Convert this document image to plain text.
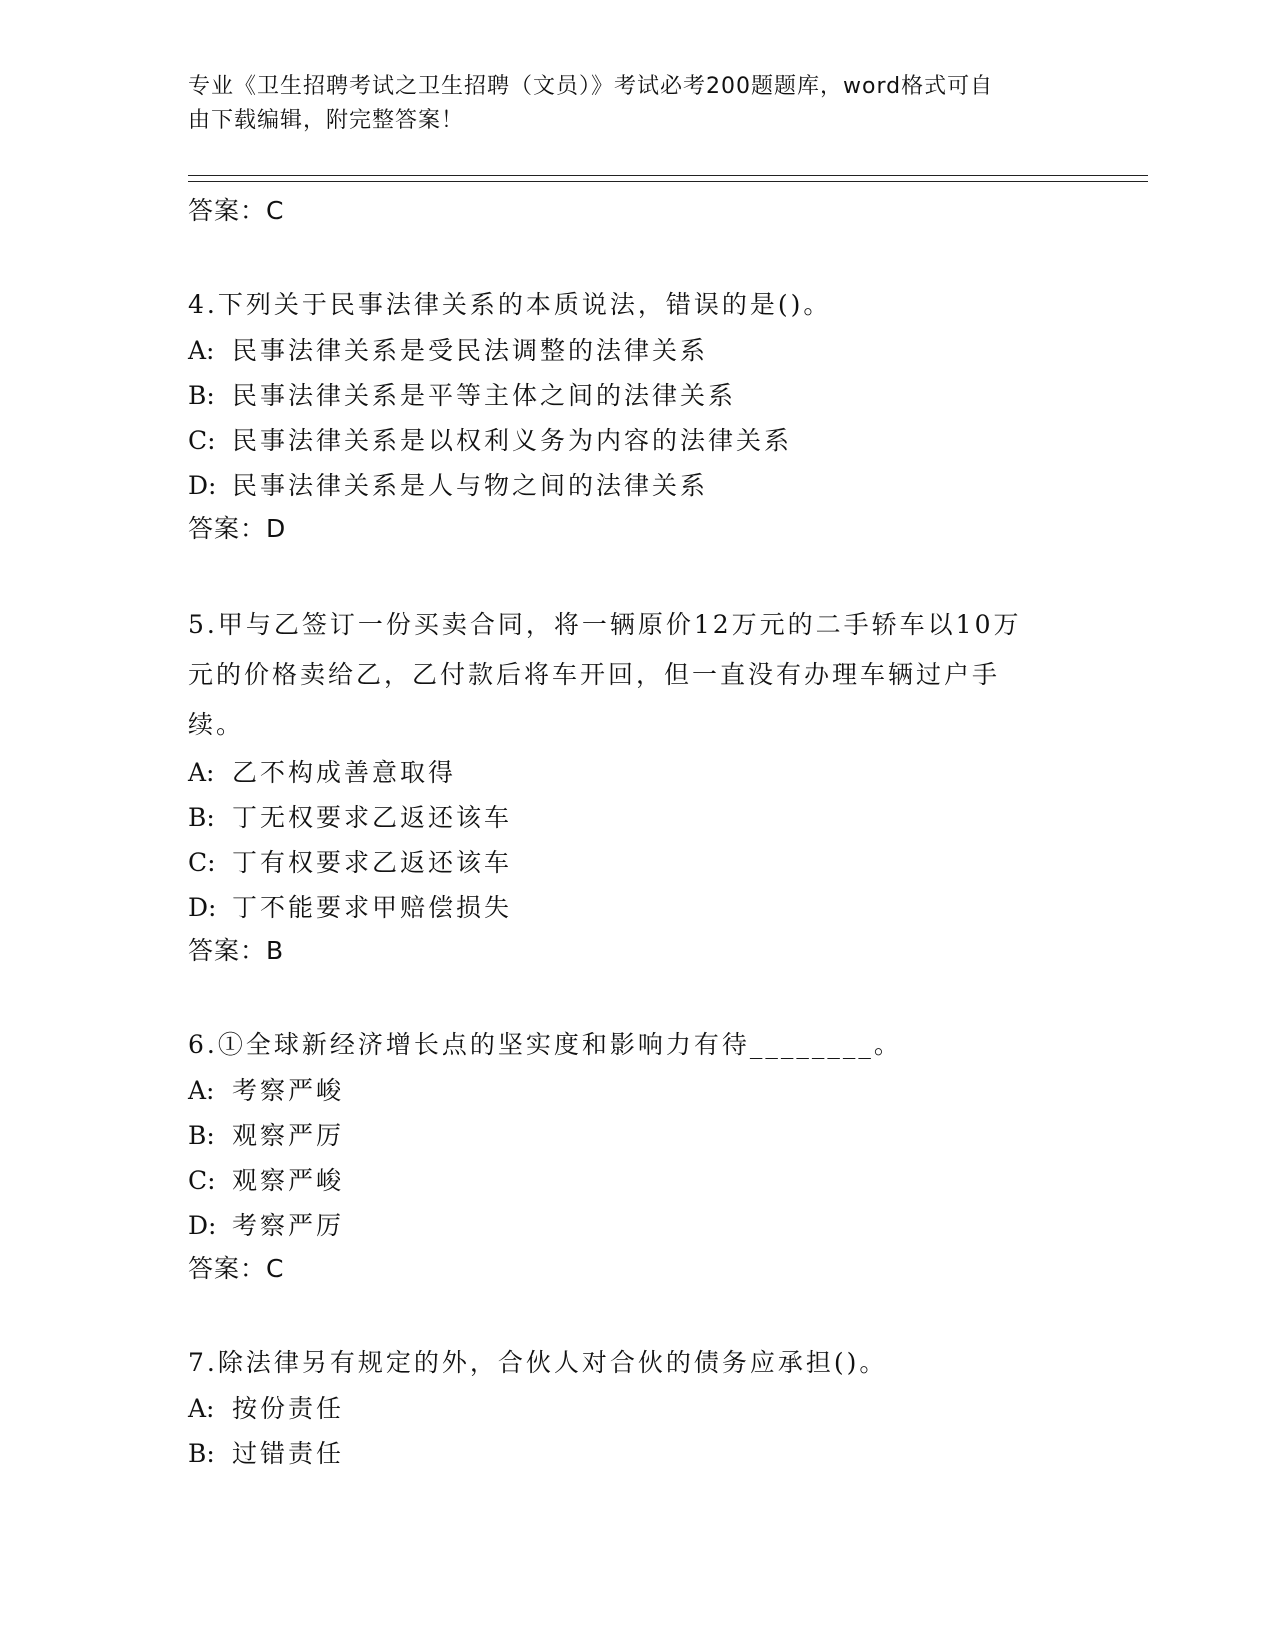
专业《卫生招聘考试之卫生招聘（文员）》考试必考200题题库，word格式可自
由下载编辑，附完整答案！

答案：C

4.下列关于民事法律关系的本质说法，错误的是()。

A: 民事法律关系是受民法调整的法律关系

B: 民事法律关系是平等主体之间的法律关系

C: 民事法律关系是以权利义务为内容的法律关系

D: 民事法律关系是人与物之间的法律关系

答案：D

5.甲与乙签订一份买卖合同，将一辆原价12万元的二手轿车以10万元的价格卖给乙，乙付款后将车开回，但一直没有办理车辆过户手续。

A: 乙不构成善意取得

B: 丁无权要求乙返还该车

C: 丁有权要求乙返还该车

D: 丁不能要求甲赔偿损失

答案：B

6.①全球新经济增长点的坚实度和影响力有待________。

A: 考察严峻

B: 观察严厉

C: 观察严峻

D: 考察严厉

答案：C

7.除法律另有规定的外，合伙人对合伙的债务应承担()。

A: 按份责任

B: 过错责任
